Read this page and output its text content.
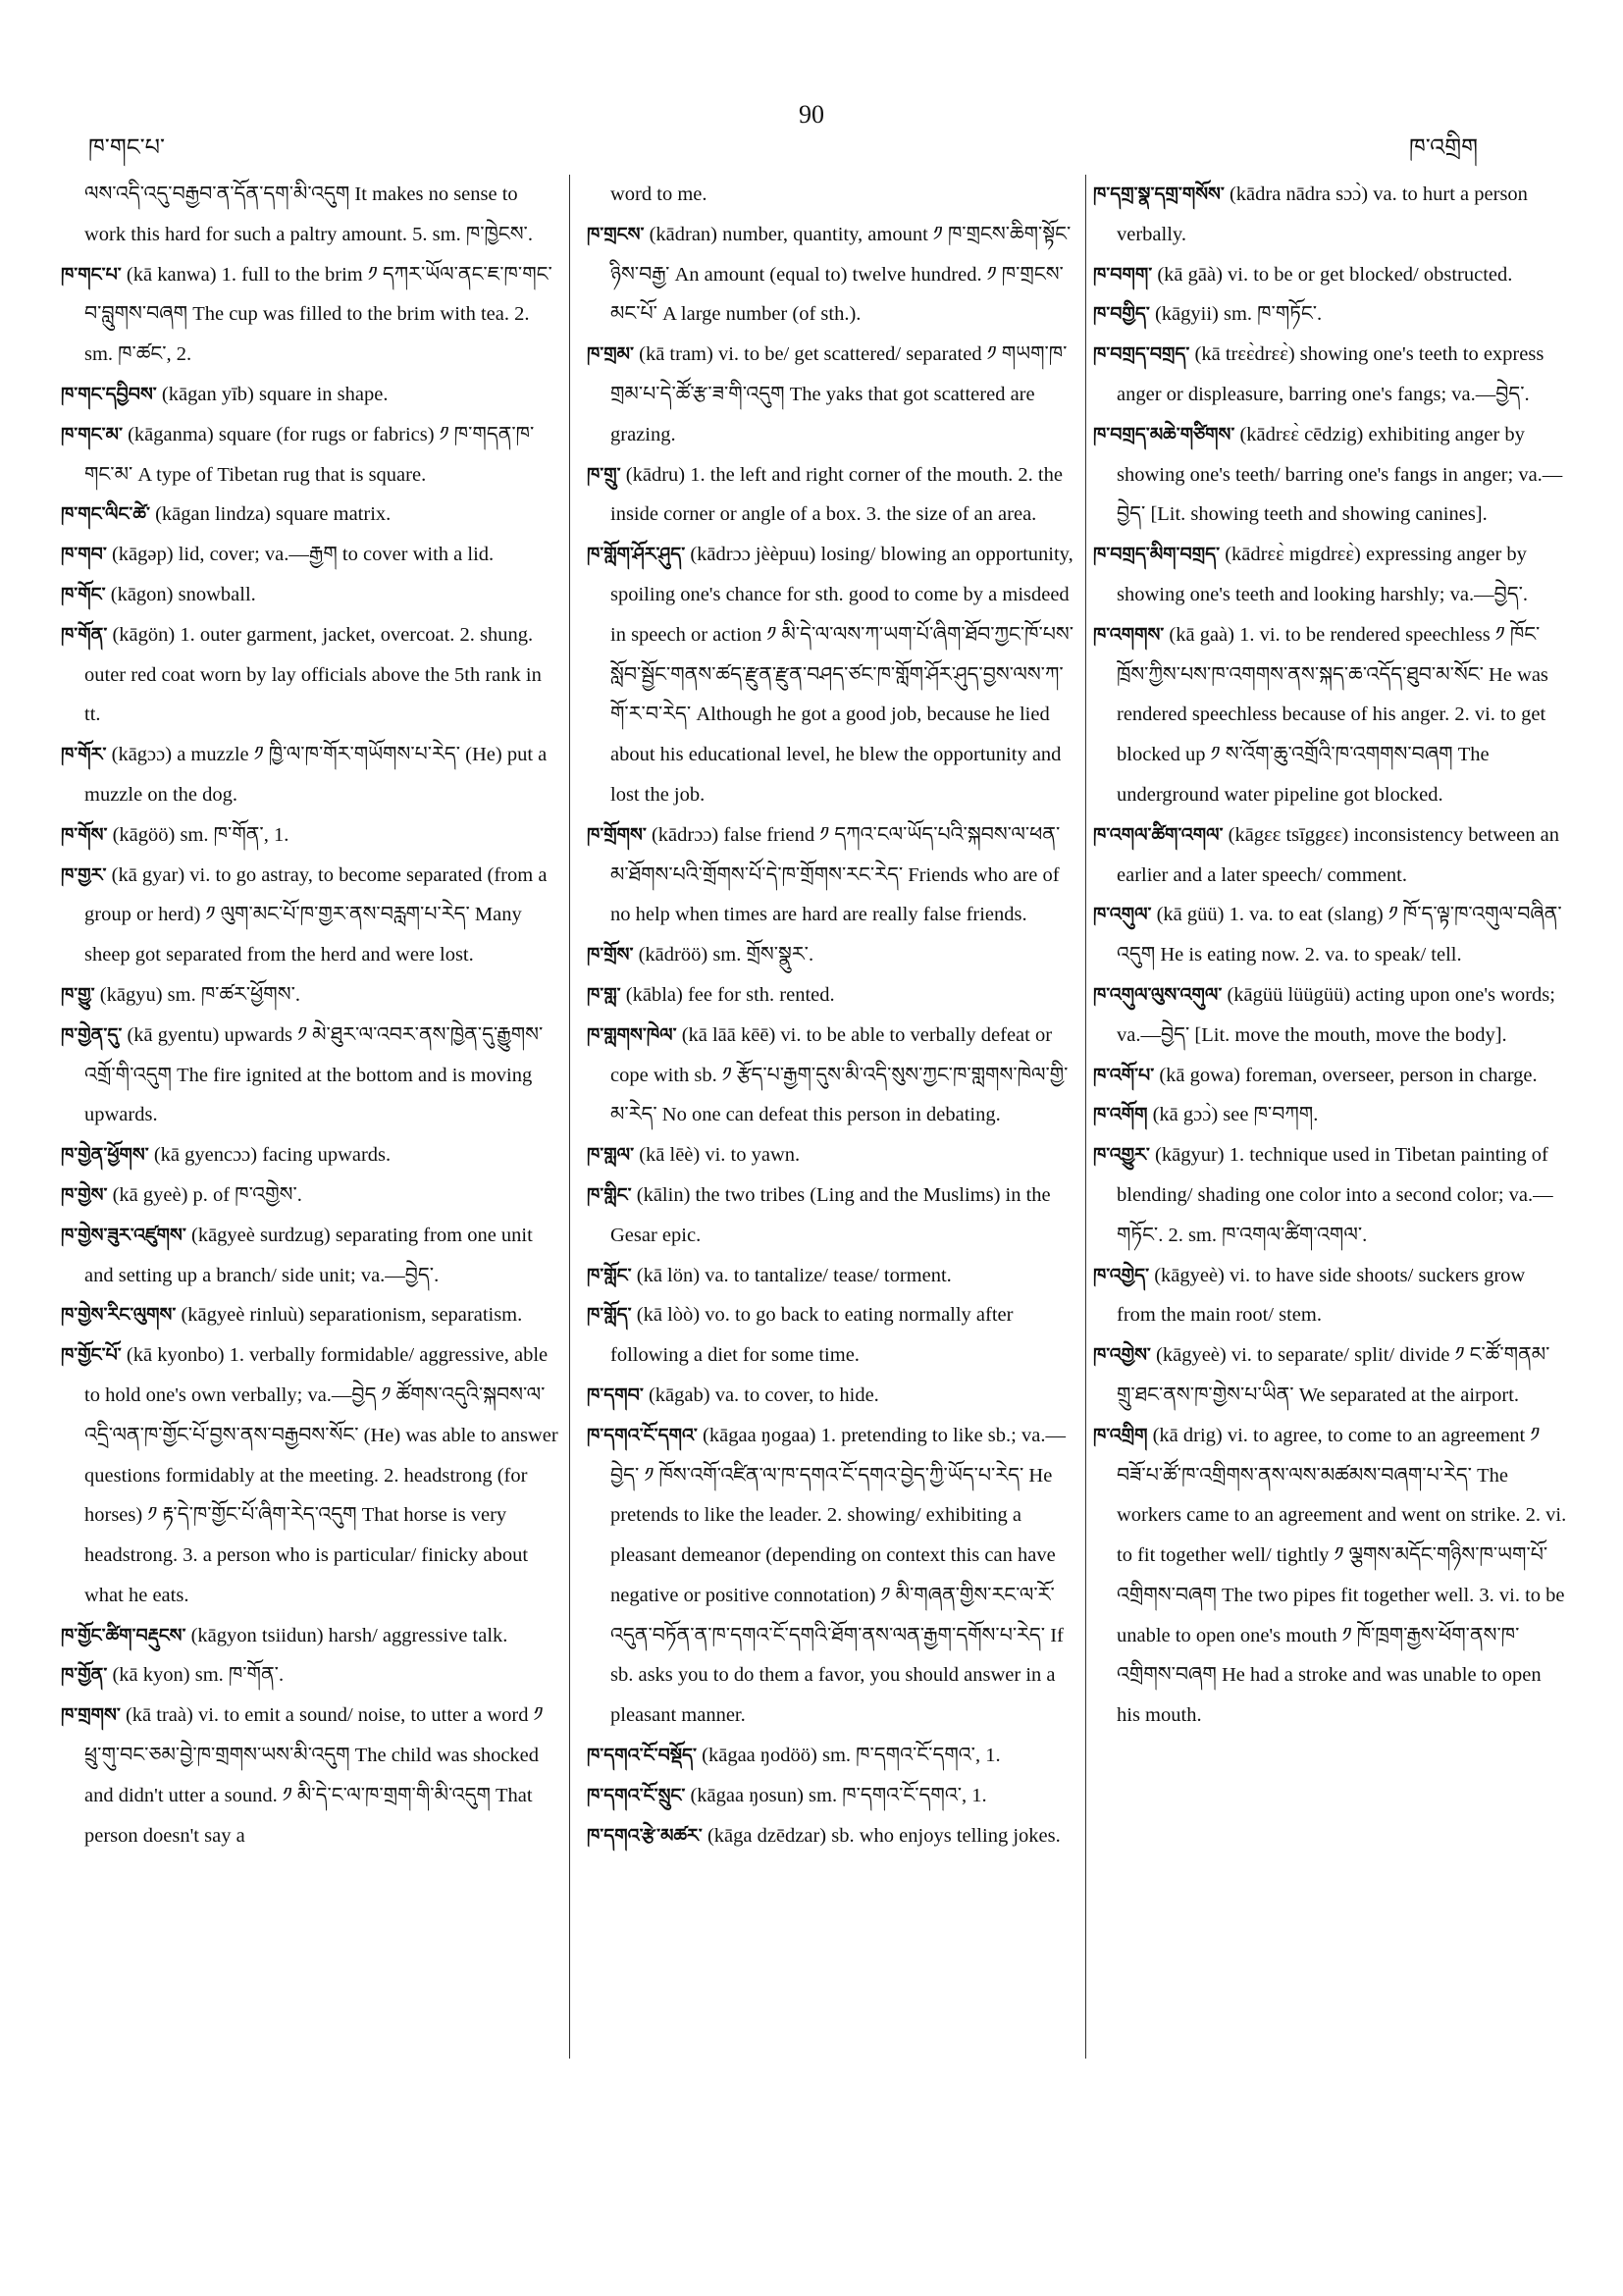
ཁ་གང་པ་
90
ཁ་འགྲིག
ལས་འདི་འདུ་བརྒྱབ་ན་དོན་དག་མི་འདུག It makes no sense to work this hard for such a paltry amount. 5. sm. ཁ་ཁྱེངས་.
ཁ་གང་པ་ (kā kanwa) 1. full to the brim ༡ དཀར་ཡོལ་ནང་ཇ་ཁ་གང་བ་བླུགས་བཞག The cup was filled to the brim with tea. 2. sm. ཁ་ཚང་, 2.
ཁ་གང་དབྱིབས་ (kāgan yīb) square in shape.
ཁ་གང་མ་ (kāganma) square (for rugs or fabrics) ༡ ཁ་གདན་ཁ་གང་མ་ A type of Tibetan rug that is square.
ཁ་གང་ལིང་ཚེ་ (kāgan lindza) square matrix.
ཁ་གབ་ (kāgəp) lid, cover; va.—རྒྱག to cover with a lid.
ཁ་གོང་ (kāgon) snowball.
ཁ་གོན་ (kāgön) 1. outer garment, jacket, overcoat. 2. shung. outer red coat worn by lay officials above the 5th rank in tt.
ཁ་གོར་ (kāgɔɔ) a muzzle ༡ ཁྱི་ལ་ཁ་གོར་གཡོགས་པ་རེད་ (He) put a muzzle on the dog.
ཁ་གོས་ (kāgöö) sm. ཁ་གོན་, 1.
ཁ་གྱར་ (kā gyar) vi. to go astray, to become separated (from a group or herd) ༡ ལུག་མང་པོ་ཁ་གྱར་ནས་བརླག་པ་རེད་ Many sheep got separated from the herd and were lost.
ཁ་གྱུ་ (kāgyu) sm. ཁ་ཚར་ཕྱོགས་.
ཁ་གྱེན་དུ་ (kā gyentu) upwards ༡ མེ་ཐུར་ལ་འབར་ནས་ཁྱེན་དུ་རྒྱུགས་འགྲོ་གི་འདུག The fire ignited at the bottom and is moving upwards.
ཁ་གྱེན་ཕྱོགས་ (kā gyencɔɔ) facing upwards.
ཁ་གྱེས་ (kā gyeè) p. of ཁ་འགྱེས་.
ཁ་གྱེས་ཟུར་འཛུགས་ (kāgyeè surdzug) separating from one unit and setting up a branch/ side unit; va.—བྱེད་.
ཁ་གྱེས་རིང་ལུགས་ (kāgyeè rinluù) separationism, separatism.
ཁ་གྱོང་པོ་ (kā kyonbo) 1. verbally formidable/ aggressive, able to hold one's own verbally; va.—བྱེད ༡ ཚོགས་འདུའི་སྐབས་ལ་འདྲི་ལན་ཁ་གྱོང་པོ་བྱས་ནས་བརྒྱབས་སོང་ (He) was able to answer questions formidably at the meeting. 2. headstrong (for horses) ༡ རྟ་དེ་ཁ་གྱོང་པོ་ཞིག་རེད་འདུག That horse is very headstrong. 3. a person who is particular/ finicky about what he eats.
ཁ་གྱོང་ཚིག་བརྡུངས་ (kāgyon tsiidun) harsh/ aggressive talk.
ཁ་གྱོན་ (kā kyon) sm. ཁ་གོན་.
ཁ་གྲགས་ (kā traà) vi. to emit a sound/ noise, to utter a word ༡ ཕྲུ་གུ་བང་ཅམ་བྱེ་ཁ་གྲགས་ཡས་མི་འདུག The child was shocked and didn't utter a sound. ༡ མི་དེ་ང་ལ་ཁ་གྲག་གི་མི་འདུག That person doesn't say a
word to me.
ཁ་གྲངས་ (kādran) number, quantity, amount ༡ ཁ་གྲངས་ཆིག་སྟོང་ཉིས་བརྒྱ་ An amount (equal to) twelve hundred. ༡ ཁ་གྲངས་མང་པོ་ A large number (of sth.).
ཁ་གྲམ་ (kā tram) vi. to be/ get scattered/ separated ༡ གཡག་ཁ་གྲམ་པ་དེ་ཚོ་རྩ་ཟ་གི་འདུག The yaks that got scattered are grazing.
ཁ་གྲུ་ (kādru) 1. the left and right corner of the mouth. 2. the inside corner or angle of a box. 3. the size of an area.
ཁ་གློག་ཤོར་ཤུད་ (kādrɔɔ jèèpuu) losing/ blowing an opportunity, spoiling one's chance for sth. good to come by a misdeed in speech or action ༡ མི་དེ་ལ་ལས་ཀ་ཡག་པོ་ཞིག་ཐོབ་ཀྱང་ཁོ་པས་སློབ་སྦྱོང་གནས་ཚད་རྫུན་རྫུན་བཤད་ཙང་ཁ་གློག་ཤོར་ཤུད་བྱས་ལས་ཀ་གོ་ར་བ་རེད་ Although he got a good job, because he lied about his educational level, he blew the opportunity and lost the job.
ཁ་གྲོགས་ (kādrɔɔ) false friend ༡ དཀའ་ངལ་ཡོད་པའི་སྐབས་ལ་ཕན་མ་ཐོགས་པའི་གྲོགས་པོ་དེ་ཁ་གྲོགས་རང་རེད་ Friends who are of no help when times are hard are really false friends.
ཁ་གྲོས་ (kādröö) sm. གྲོས་སྣུར་.
ཁ་གླ་ (kābla) fee for sth. rented.
ཁ་གླགས་ཁེལ་ (kā lāā kēē) vi. to be able to verbally defeat or cope with sb. ༡ རྩོད་པ་རྒྱག་དུས་མི་འདི་སུས་ཀྱང་ཁ་གླགས་ཁེལ་གྱི་མ་རེད་ No one can defeat this person in debating.
ཁ་གླལ་ (kā lēè) vi. to yawn.
ཁ་གླིང་ (kālin) the two tribes (Ling and the Muslims) in the Gesar epic.
ཁ་གློང་ (kā lön) va. to tantalize/ tease/ torment.
ཁ་གློད་ (kā lòò) vo. to go back to eating normally after following a diet for some time.
ཁ་དགབ་ (kāgab) va. to cover, to hide.
ཁ་དགའ་ངོ་དགའ་ (kāgaa ŋogaa) 1. pretending to like sb.; va.—བྱེད་ ༡ ཁོས་འགོ་འཛིན་ལ་ཁ་དགའ་ངོ་དགའ་བྱེད་ཀྱི་ཡོད་པ་རེད་ He pretends to like the leader. 2. showing/ exhibiting a pleasant demeanor (depending on context this can have negative or positive connotation) ༡ མི་གཞན་གྱིས་རང་ལ་རོ་འདུན་བཏོན་ན་ཁ་དགའ་ངོ་དགའི་ཐོག་ནས་ལན་རྒྱག་དགོས་པ་རེད་ If sb. asks you to do them a favor, you should answer in a pleasant manner.
ཁ་དགའ་ངོ་བསྡོད་ (kāgaa ŋodöö) sm. ཁ་དགའ་ངོ་དགའ་, 1.
ཁ་དགའ་ངོ་སྲུང་ (kāgaa ŋosun) sm. ཁ་དགའ་ངོ་དགའ་, 1.
ཁ་དགའ་རྩེ་མཚར་ (kāga dzēdzar) sb. who enjoys telling jokes.
ཁ་དགྲ་སྣ་དགྲ་གསོས་ (kādra nādra sɔɔ̀) va. to hurt a person verbally.
ཁ་བགག་ (kā gāà) vi. to be or get blocked/ obstructed.
ཁ་བགྱིད་ (kāgyii) sm. ཁ་གཏོང་.
ཁ་བགྲད་བགྲད་ (kā trɛɛ̀drɛɛ̀) showing one's teeth to express anger or displeasure, barring one's fangs; va.—བྱེད་.
ཁ་བགྲད་མཆེ་གཙིགས་ (kādrɛɛ̀ cēdzig) exhibiting anger by showing one's teeth/ barring one's fangs in anger; va.—བྱེད་ [Lit. showing teeth and showing canines].
ཁ་བགྲད་མིག་བགྲད་ (kādrɛɛ̀ migdrɛɛ̀) expressing anger by showing one's teeth and looking harshly; va.—བྱེད་.
ཁ་འགགས་ (kā gaà) 1. vi. to be rendered speechless ༡ ཁོང་ཁྲོས་ཀྱིས་པས་ཁ་འགགས་ནས་སྐད་ཆ་འདོད་ཐུབ་མ་སོང་ He was rendered speechless because of his anger. 2. vi. to get blocked up ༡ ས་འོག་ཆུ་འགྲོའི་ཁ་འགགས་བཞག The underground water pipeline got blocked.
ཁ་འགལ་ཚིག་འགལ་ (kāgɛɛ tsīggɛɛ) inconsistency between an earlier and a later speech/ comment.
ཁ་འགུལ་ (kā güü) 1. va. to eat (slang) ༡ ཁོ་ད་ལྟ་ཁ་འགུལ་བཞིན་འདུག He is eating now. 2. va. to speak/ tell.
ཁ་འགུལ་ལུས་འགུལ་ (kāgüü lüügüü) acting upon one's words; va.—བྱེད་ [Lit. move the mouth, move the body].
ཁ་འགོ་པ་ (kā gowa) foreman, overseer, person in charge.
ཁ་འགོག (kā gɔɔ̀) see ཁ་བཀག.
ཁ་འགྱུར་ (kāgyur) 1. technique used in Tibetan painting of blending/ shading one color into a second color; va.—གཏོང་. 2. sm. ཁ་འགལ་ཚིག་འགལ་.
ཁ་འགྱེད་ (kāgyeè) vi. to have side shoots/ suckers grow from the main root/ stem.
ཁ་འགྱེས་ (kāgyeè) vi. to separate/ split/ divide ༡ ང་ཚོ་གནམ་གྲུ་ཐང་ནས་ཁ་གྱེས་པ་ཡིན་ We separated at the airport.
ཁ་འགྲིག (kā drig) vi. to agree, to come to an agreement ༡ བཟོ་པ་ཚོ་ཁ་འགྲིགས་ནས་ལས་མཚམས་བཞག་པ་རེད་ The workers came to an agreement and went on strike. 2. vi. to fit together well/ tightly ༡ ལྕགས་མདོང་གཉིས་ཁ་ཡག་པོ་འགྲིགས་བཞག The two pipes fit together well. 3. vi. to be unable to open one's mouth ༡ ཁོ་ཁྲག་རྒྱས་ཕོག་ནས་ཁ་འགྲིགས་བཞག He had a stroke and was unable to open his mouth.
